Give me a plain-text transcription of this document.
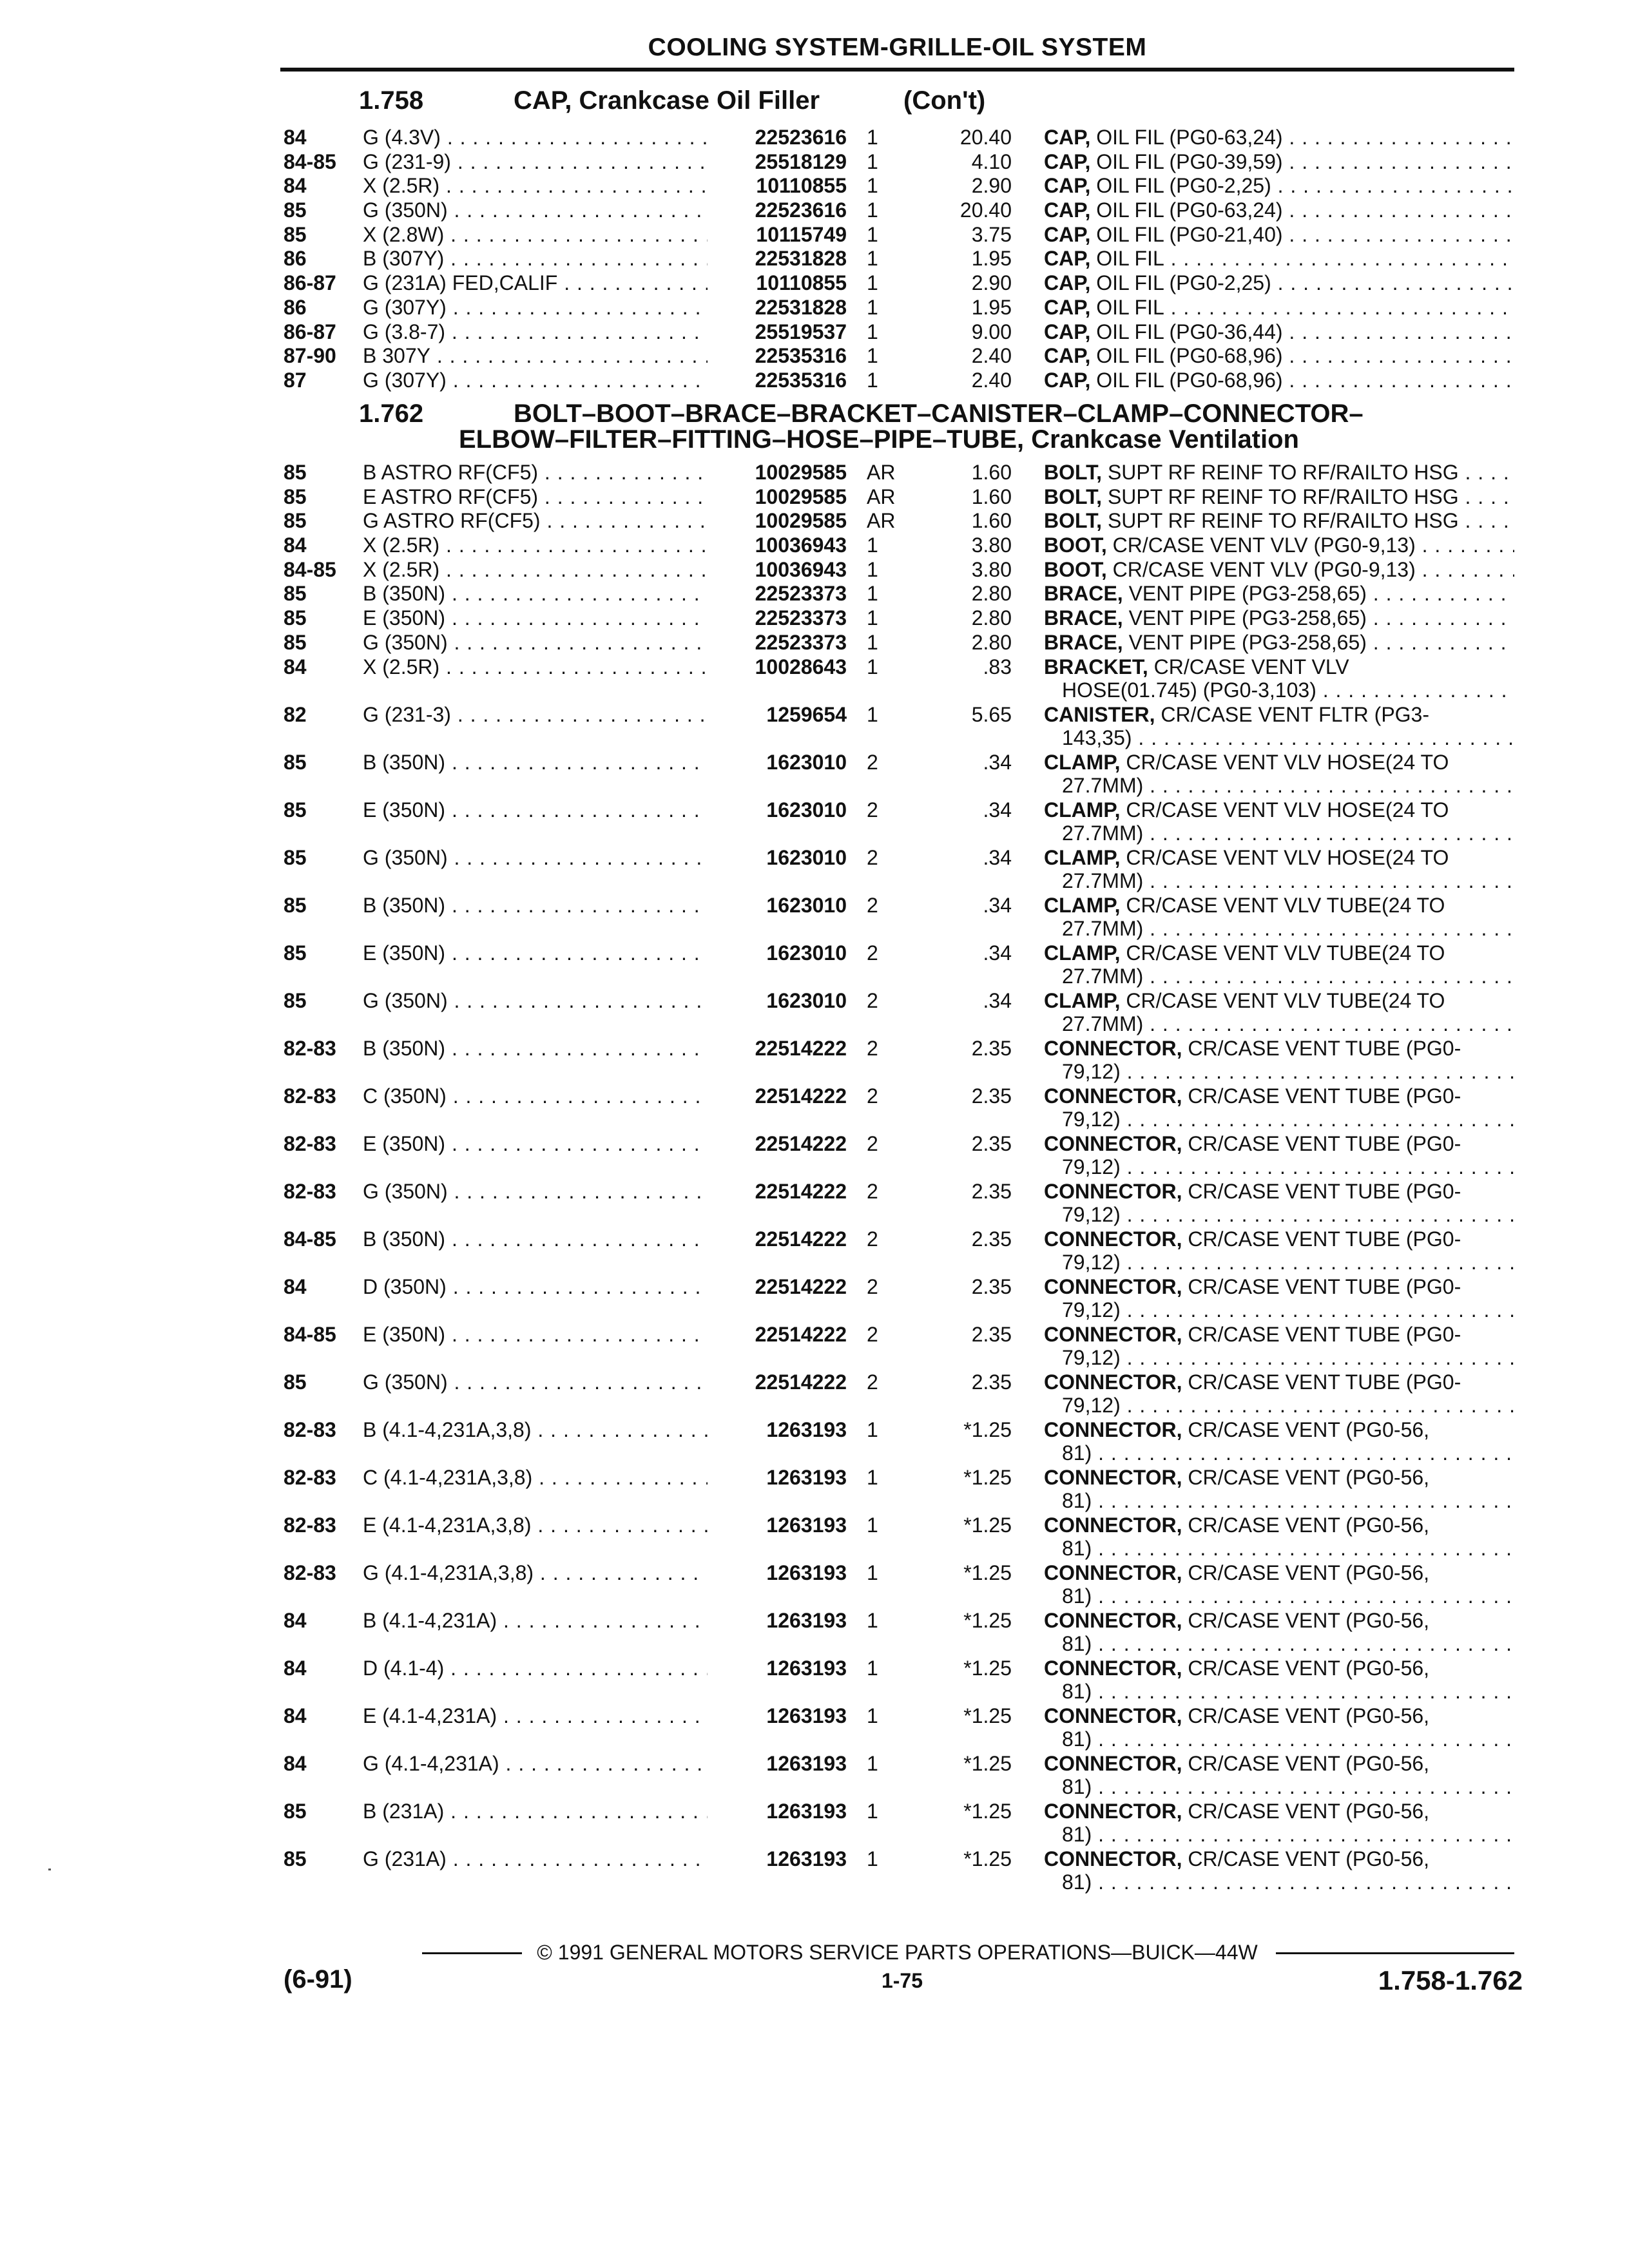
COOLING SYSTEM-GRILLE-OIL SYSTEM
1.758	CAP, Crankcase Oil Filler	(Con't)
84	G (4.3V) . . .	22523616 1	20.40 CAP, OIL FIL (PG0-63,24) . . .
84-85 G (231-9) . . .	25518129 1	4.10 CAP, OIL FIL (PG0-39,59) . . .
84	X (2.5R) . . .	10110855 1	2.90 CAP, OIL FIL (PG0-2,25) . . .
85	G (350N) . . .	22523616 1	20.40 CAP, OIL FIL (PG0-63,24) . . .
85	X (2.8W) . . .	10115749 1	3.75 CAP, OIL FIL (PG0-21,40) . . .
86	B (307Y) . . .	22531828 1	1.95 CAP, OIL FIL . . .
86-87 G (231A) FED,CALIF . . .	10110855 1	2.90 CAP, OIL FIL (PG0-2,25) . . .
86	G (307Y) . . .	22531828 1	1.95 CAP, OIL FIL . . .
86-87 G (3.8-7) . . .	25519537 1	9.00 CAP, OIL FIL (PG0-36,44) . . .
87-90 B 307Y . . .	22535316 1	2.40 CAP, OIL FIL (PG0-68,96) . . .
87	G (307Y) . . .	22535316 1	2.40 CAP, OIL FIL (PG0-68,96) . . .
1.762	BOLT–BOOT–BRACE–BRACKET–CANISTER–CLAMP–CONNECTOR–
ELBOW–FILTER–FITTING–HOSE–PIPE–TUBE, Crankcase Ventilation
85	B ASTRO RF(CF5) . . .	10029585 AR	1.60 BOLT, SUPT RF REINF TO RF/RAILTO HSG . . .
85	E ASTRO RF(CF5) . . .	10029585 AR	1.60 BOLT, SUPT RF REINF TO RF/RAILTO HSG . . .
85	G ASTRO RF(CF5) . . .	10029585 AR	1.60 BOLT, SUPT RF REINF TO RF/RAILTO HSG . . .
84	X (2.5R) . . .	10036943 1	3.80 BOOT, CR/CASE VENT VLV (PG0-9,13) . . .
84-85 X (2.5R) . . .	10036943 1	3.80 BOOT, CR/CASE VENT VLV (PG0-9,13) . . .
85	B (350N) . . .	22523373 1	2.80 BRACE, VENT PIPE (PG3-258,65) . . .
85	E (350N) . . .	22523373 1	2.80 BRACE, VENT PIPE (PG3-258,65) . . .
85	G (350N) . . .	22523373 1	2.80 BRACE, VENT PIPE (PG3-258,65) . . .
84	X (2.5R) . . .	10028643 1	.83 BRACKET, CR/CASE VENT VLV
HOSE(01.745) (PG0-3,103) . . .
82	G (231-3) . . .	1259654 1	5.65 CANISTER, CR/CASE VENT FLTR (PG3-
143,35) . . .
85	B (350N) . . .	1623010 2	.34 CLAMP, CR/CASE VENT VLV HOSE(24 TO
27.7MM) . . .
85	E (350N) . . .	1623010 2	.34 CLAMP, CR/CASE VENT VLV HOSE(24 TO
27.7MM) . . .
85	G (350N) . . .	1623010 2	.34 CLAMP, CR/CASE VENT VLV HOSE(24 TO
27.7MM) . . .
85	B (350N) . . .	1623010 2	.34 CLAMP, CR/CASE VENT VLV TUBE(24 TO
27.7MM) . . .
85	E (350N) . . .	1623010 2	.34 CLAMP, CR/CASE VENT VLV TUBE(24 TO
27.7MM) . . .
85	G (350N) . . .	1623010 2	.34 CLAMP, CR/CASE VENT VLV TUBE(24 TO
27.7MM) . . .
82-83 B (350N) . . .	22514222 2	2.35 CONNECTOR, CR/CASE VENT TUBE (PG0-
79,12) . . .
82-83 C (350N) . . .	22514222 2	2.35 CONNECTOR, CR/CASE VENT TUBE (PG0-
79,12) . . .
82-83 E (350N) . . .	22514222 2	2.35 CONNECTOR, CR/CASE VENT TUBE (PG0-
79,12) . . .
82-83 G (350N) . . .	22514222 2	2.35 CONNECTOR, CR/CASE VENT TUBE (PG0-
79,12) . . .
84-85 B (350N) . . .	22514222 2	2.35 CONNECTOR, CR/CASE VENT TUBE (PG0-
79,12) . . .
84	D (350N) . . .	22514222 2	2.35 CONNECTOR, CR/CASE VENT TUBE (PG0-
79,12) . . .
84-85 E (350N) . . .	22514222 2	2.35 CONNECTOR, CR/CASE VENT TUBE (PG0-
79,12) . . .
85	G (350N) . . .	22514222 2	2.35 CONNECTOR, CR/CASE VENT TUBE (PG0-
79,12) . . .
82-83 B (4.1-4,231A,3,8) . . .	1263193 1	*1.25 CONNECTOR, CR/CASE VENT (PG0-56,
81) . . .
82-83 C (4.1-4,231A,3,8) . . .	1263193 1	*1.25 CONNECTOR, CR/CASE VENT (PG0-56,
81) . . .
82-83 E (4.1-4,231A,3,8) . . .	1263193 1	*1.25 CONNECTOR, CR/CASE VENT (PG0-56,
81) . . .
82-83 G (4.1-4,231A,3,8) . . .	1263193 1	*1.25 CONNECTOR, CR/CASE VENT (PG0-56,
81) . . .
84	B (4.1-4,231A) . . .	1263193 1	*1.25 CONNECTOR, CR/CASE VENT (PG0-56,
81) . . .
84	D (4.1-4) . . .	1263193 1	*1.25 CONNECTOR, CR/CASE VENT (PG0-56,
81) . . .
84	E (4.1-4,231A) . . .	1263193 1	*1.25 CONNECTOR, CR/CASE VENT (PG0-56,
81) . . .
84	G (4.1-4,231A) . . .	1263193 1	*1.25 CONNECTOR, CR/CASE VENT (PG0-56,
81) . . .
85	B (231A) . . .	1263193 1	*1.25 CONNECTOR, CR/CASE VENT (PG0-56,
81) . . .
85	G (231A) . . .	1263193 1	*1.25 CONNECTOR, CR/CASE VENT (PG0-56,
81) . . .
© 1991 GENERAL MOTORS SERVICE PARTS OPERATIONS—BUICK—44W
(6-91)	1-75	1.758-1.762
